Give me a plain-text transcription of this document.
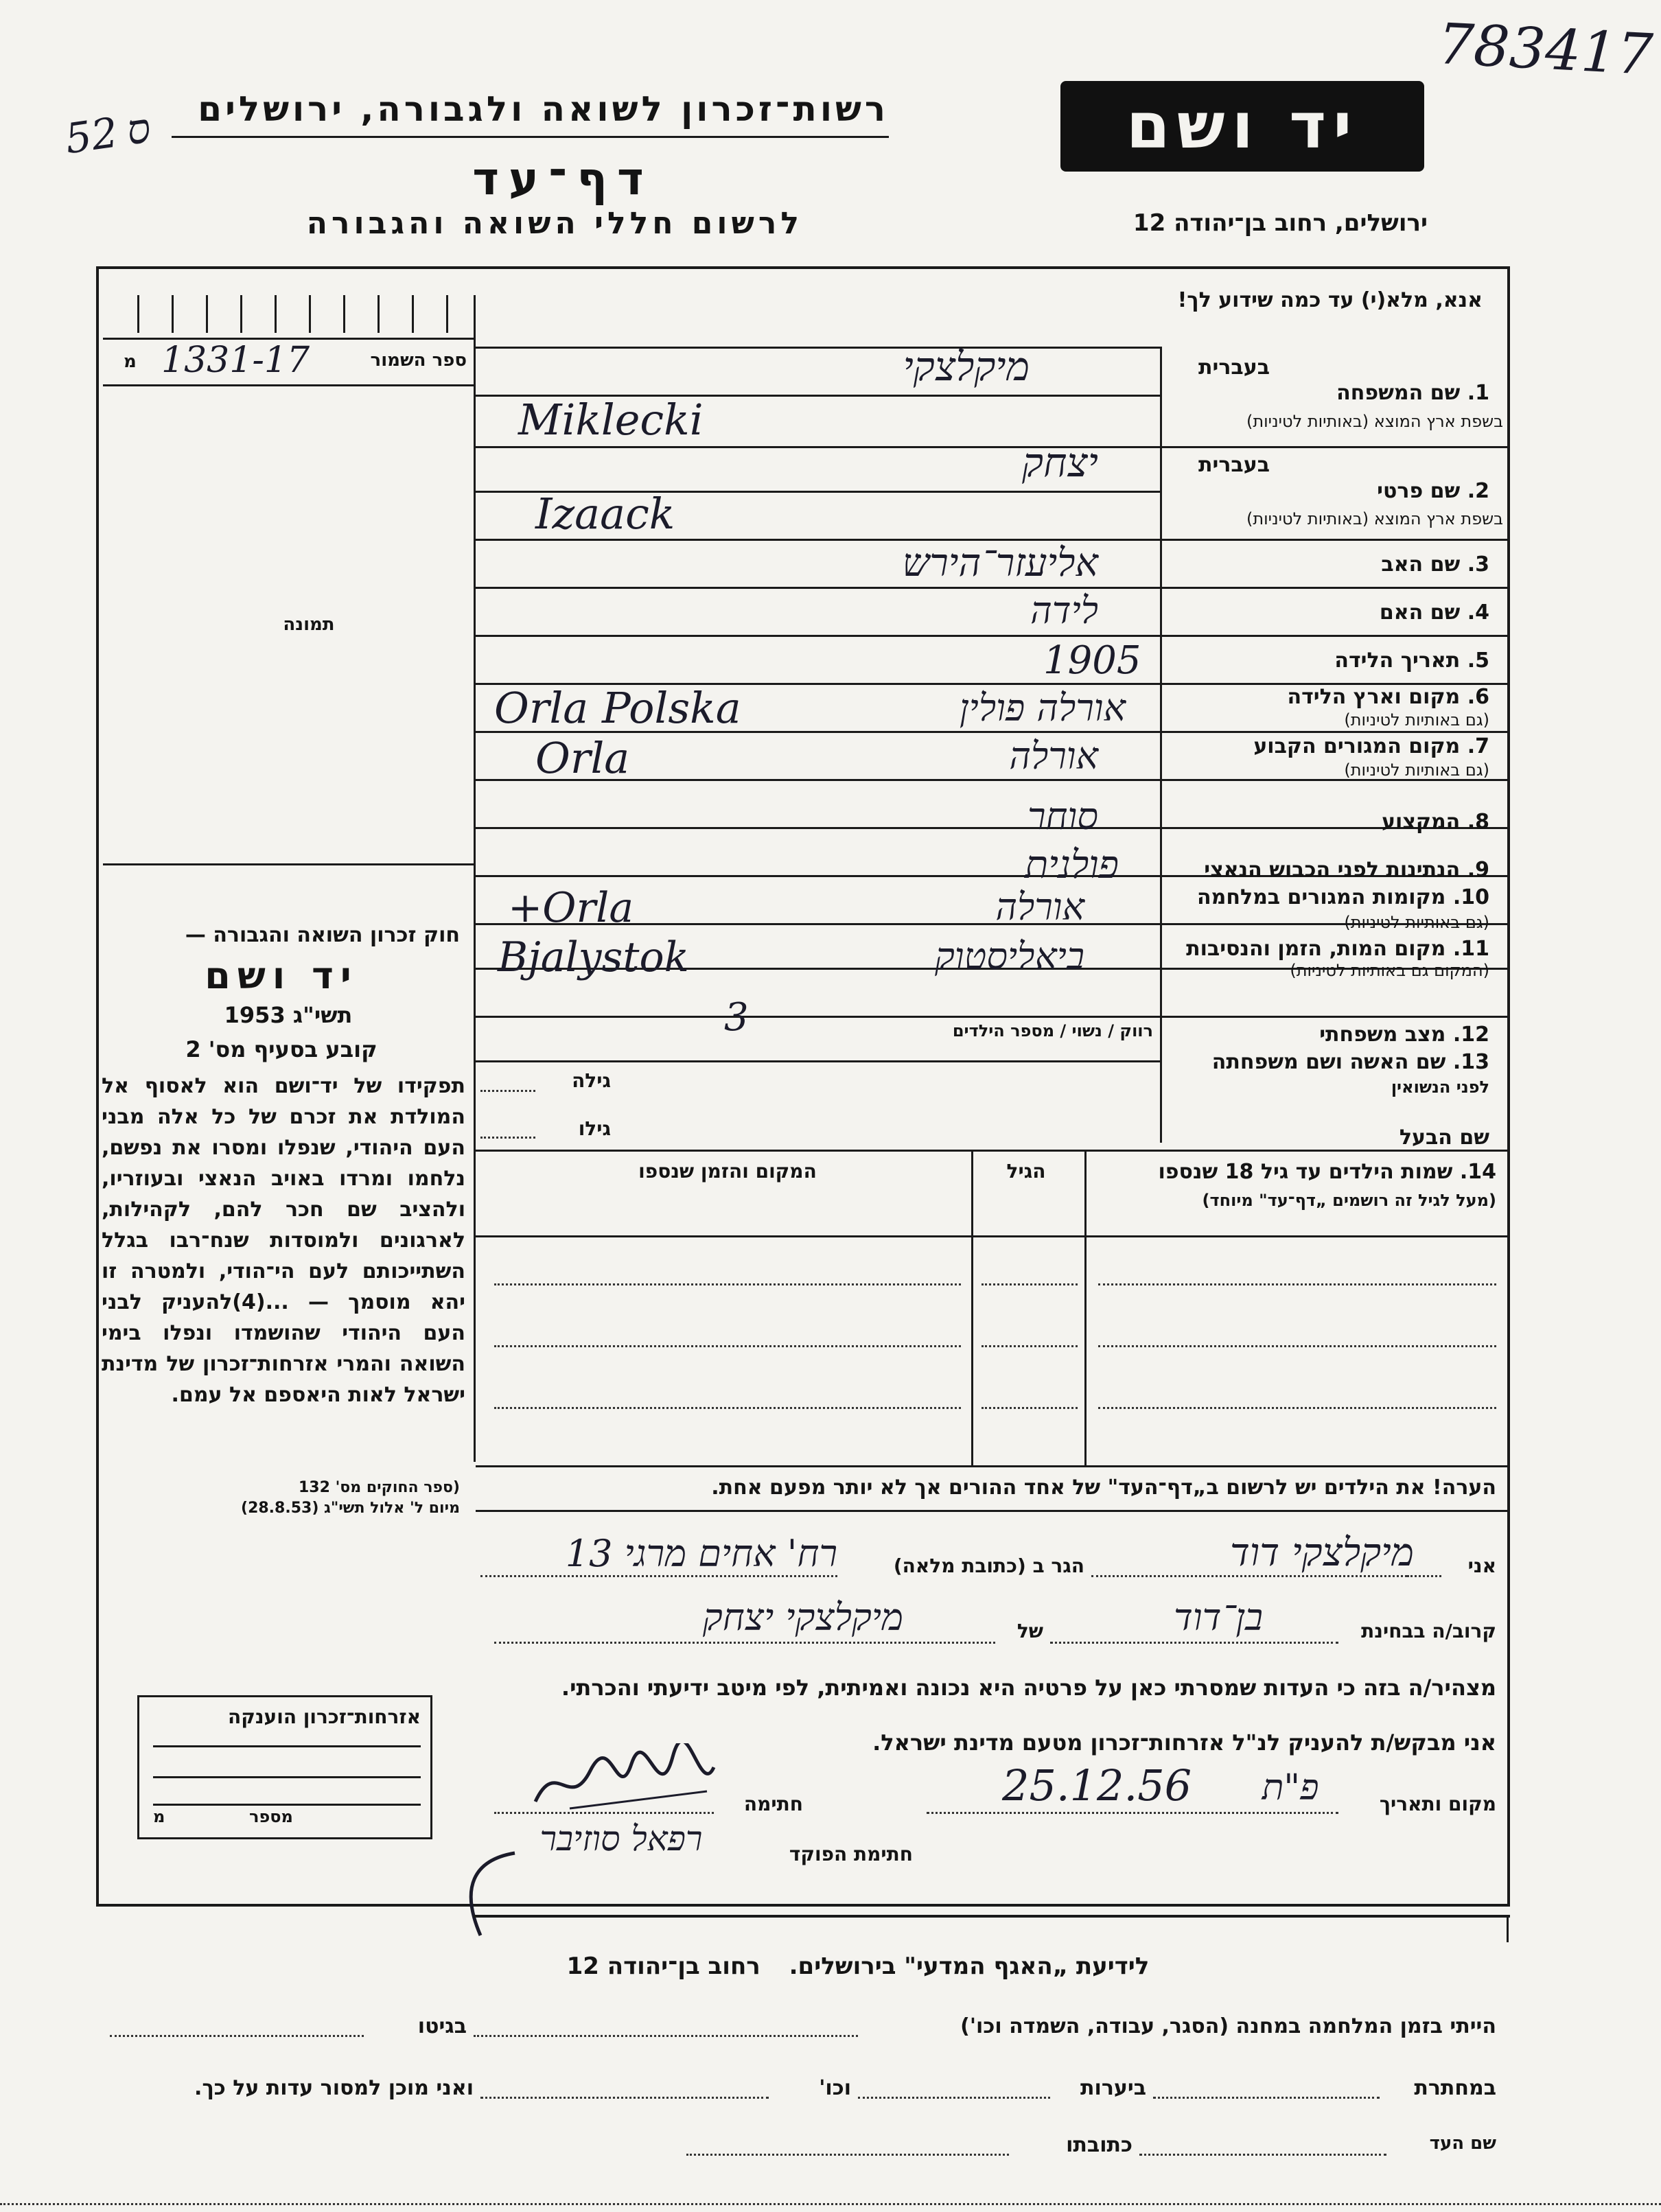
783417
52ס	רשות־זכרון לשואה ולגבורה, ירושלים
דף־עד
לרשום חללי השואה והגבורה
יד ושם
ירושלים, רחוב בן־יהודה 12
אנא, מלא(י) עד כמה שידוע לך!
ספר השמור
1331-17
מ
תמונה
בעברית
1. שם המשפחה
בשפת ארץ המוצא (באותיות לטיניות)
מיקלצקי
Miklecki
בעברית
2. שם פרטי
בשפת ארץ המוצא (באותיות לטיניות)
יצחק
Izaack
3. שם האב
אליעזר־הירש
4. שם האם
לידה
5. תאריך הלידה
1905
6. מקום וארץ הלידה
(גם באותיות לטיניות)
אורלה פולין
Orla Polska
7. מקום המגורים הקבוע
(גם באותיות לטיניות)
אורלה
Orla
8. המקצוע
סוחר
9. הנתינות לפני הכבוש הנאצי
פולנית
10. מקומות המגורים במלחמה
(גם באותיות לטיניות)
אורלה
+Orla
11. מקום המות, הזמן והנסיבות
(המקום גם באותיות לטיניות)
ביאליסטוק
Bjalystok
12. מצב משפחתי
רווק / נשוי / מספר הילדים
3
13. שם האשה ושם משפחתה
לפני הנשואין
גילה
שם הבעל
גילו
14. שמות הילדים עד גיל 18 שנספו
(מעל לגיל זה רושמים „דף־עד" מיוחד)
הגיל
המקום והזמן שנספו
הערה! את הילדים יש לרשום ב„דף־העד" של אחד ההורים אך לא יותר מפעם אחת.
חוק זכרון השואה והגבורה —
יד ושם
תשי"ג 1953
קובע בסעיף מס' 2
תפקידו של יד־ושם הוא לאסוף אל המולדת את זכרם של כל אלה מבני העם היהודי, שנפלו ומסרו את נפשם, נלחמו ומרדו באויב הנאצי ובעוזריו, ולהציב שם חכר להם, לקהילות, לארגונים ולמוסדות שנח־רבו בגלל השתייכותם לעם הי־הודי, ולמטרה זו יהא מוסמך — ...(4)להעניק לבני העם היהודי שהושמדו ונפלו בימי השואה והמרי אזרחות־זכרון של מדינת ישראל לאות היאספם אל עמם.
(ספר החוקים מס' 132
מיום ל' אלול תשי"ג (28.8.53)
אזרחות־זכרון הוענקה
מספר
מ
אני
מיקלצקי דוד
הגר ב (כתובת מלאה)
רח' אחים מרגי 13
קרוב/ה בבחינת
בן־דוד
של
מיקלצקי יצחק
מצהיר/ה בזה כי העדות שמסרתי כאן על פרטיה היא נכונה ואמיתית, לפי מיטב ידיעתי והכרתי.
אני מבקש/ת להעניק לנ"ל אזרחות־זכרון מטעם מדינת ישראל.
מקום ותאריך
פ"ת
25.12.56
חתימה
חתימת הפוקד
רפאל סוזיבר
לידיעת „האגף המדעי" בירושלים. רחוב בן־יהודה 12
הייתי בזמן המלחמה במחנה (הסגר, עבודה, השמדה וכו')
בגיטו
במחתרת
ביערות
וכו'
ואני מוכן למסור עדות על כך.
שם העד
כתובתו
